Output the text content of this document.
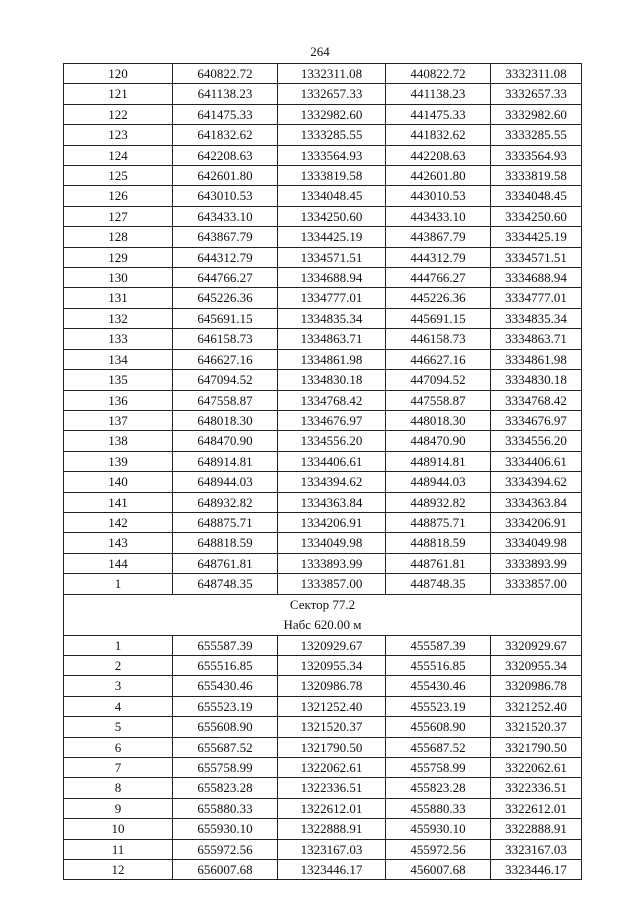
264
120	640822.72	1332311.08	440822.72	3332311.08
121	641138.23	1332657.33	441138.23	3332657.33
122	641475.33	1332982.60	441475.33	3332982.60
123	641832.62	1333285.55	441832.62	3333285.55
124	642208.63	1333564.93	442208.63	3333564.93
125	642601.80	1333819.58	442601.80	3333819.58
126	643010.53	1334048.45	443010.53	3334048.45
127	643433.10	1334250.60	443433.10	3334250.60
128	643867.79	1334425.19	443867.79	3334425.19
129	644312.79	1334571.51	444312.79	3334571.51
130	644766.27	1334688.94	444766.27	3334688.94
131	645226.36	1334777.01	445226.36	3334777.01
132	645691.15	1334835.34	445691.15	3334835.34
133	646158.73	1334863.71	446158.73	3334863.71
134	646627.16	1334861.98	446627.16	3334861.98
135	647094.52	1334830.18	447094.52	3334830.18
136	647558.87	1334768.42	447558.87	3334768.42
137	648018.30	1334676.97	448018.30	3334676.97
138	648470.90	1334556.20	448470.90	3334556.20
139	648914.81	1334406.61	448914.81	3334406.61
140	648944.03	1334394.62	448944.03	3334394.62
141	648932.82	1334363.84	448932.82	3334363.84
142	648875.71	1334206.91	448875.71	3334206.91
143	648818.59	1334049.98	448818.59	3334049.98
144	648761.81	1333893.99	448761.81	3333893.99
1	648748.35	1333857.00	448748.35	3333857.00

Сектор 77.2
Набс 620.00 м				

1	655587.39	1320929.67	455587.39	3320929.67
2	655516.85	1320955.34	455516.85	3320955.34
3	655430.46	1320986.78	455430.46	3320986.78
4	655523.19	1321252.40	455523.19	3321252.40
5	655608.90	1321520.37	455608.90	3321520.37
6	655687.52	1321790.50	455687.52	3321790.50
7	655758.99	1322062.61	455758.99	3322062.61
8	655823.28	1322336.51	455823.28	3322336.51
9	655880.33	1322612.01	455880.33	3322612.01
10	655930.10	1322888.91	455930.10	3322888.91
11	655972.56	1323167.03	455972.56	3323167.03
12	656007.68	1323446.17	456007.68	3323446.17
